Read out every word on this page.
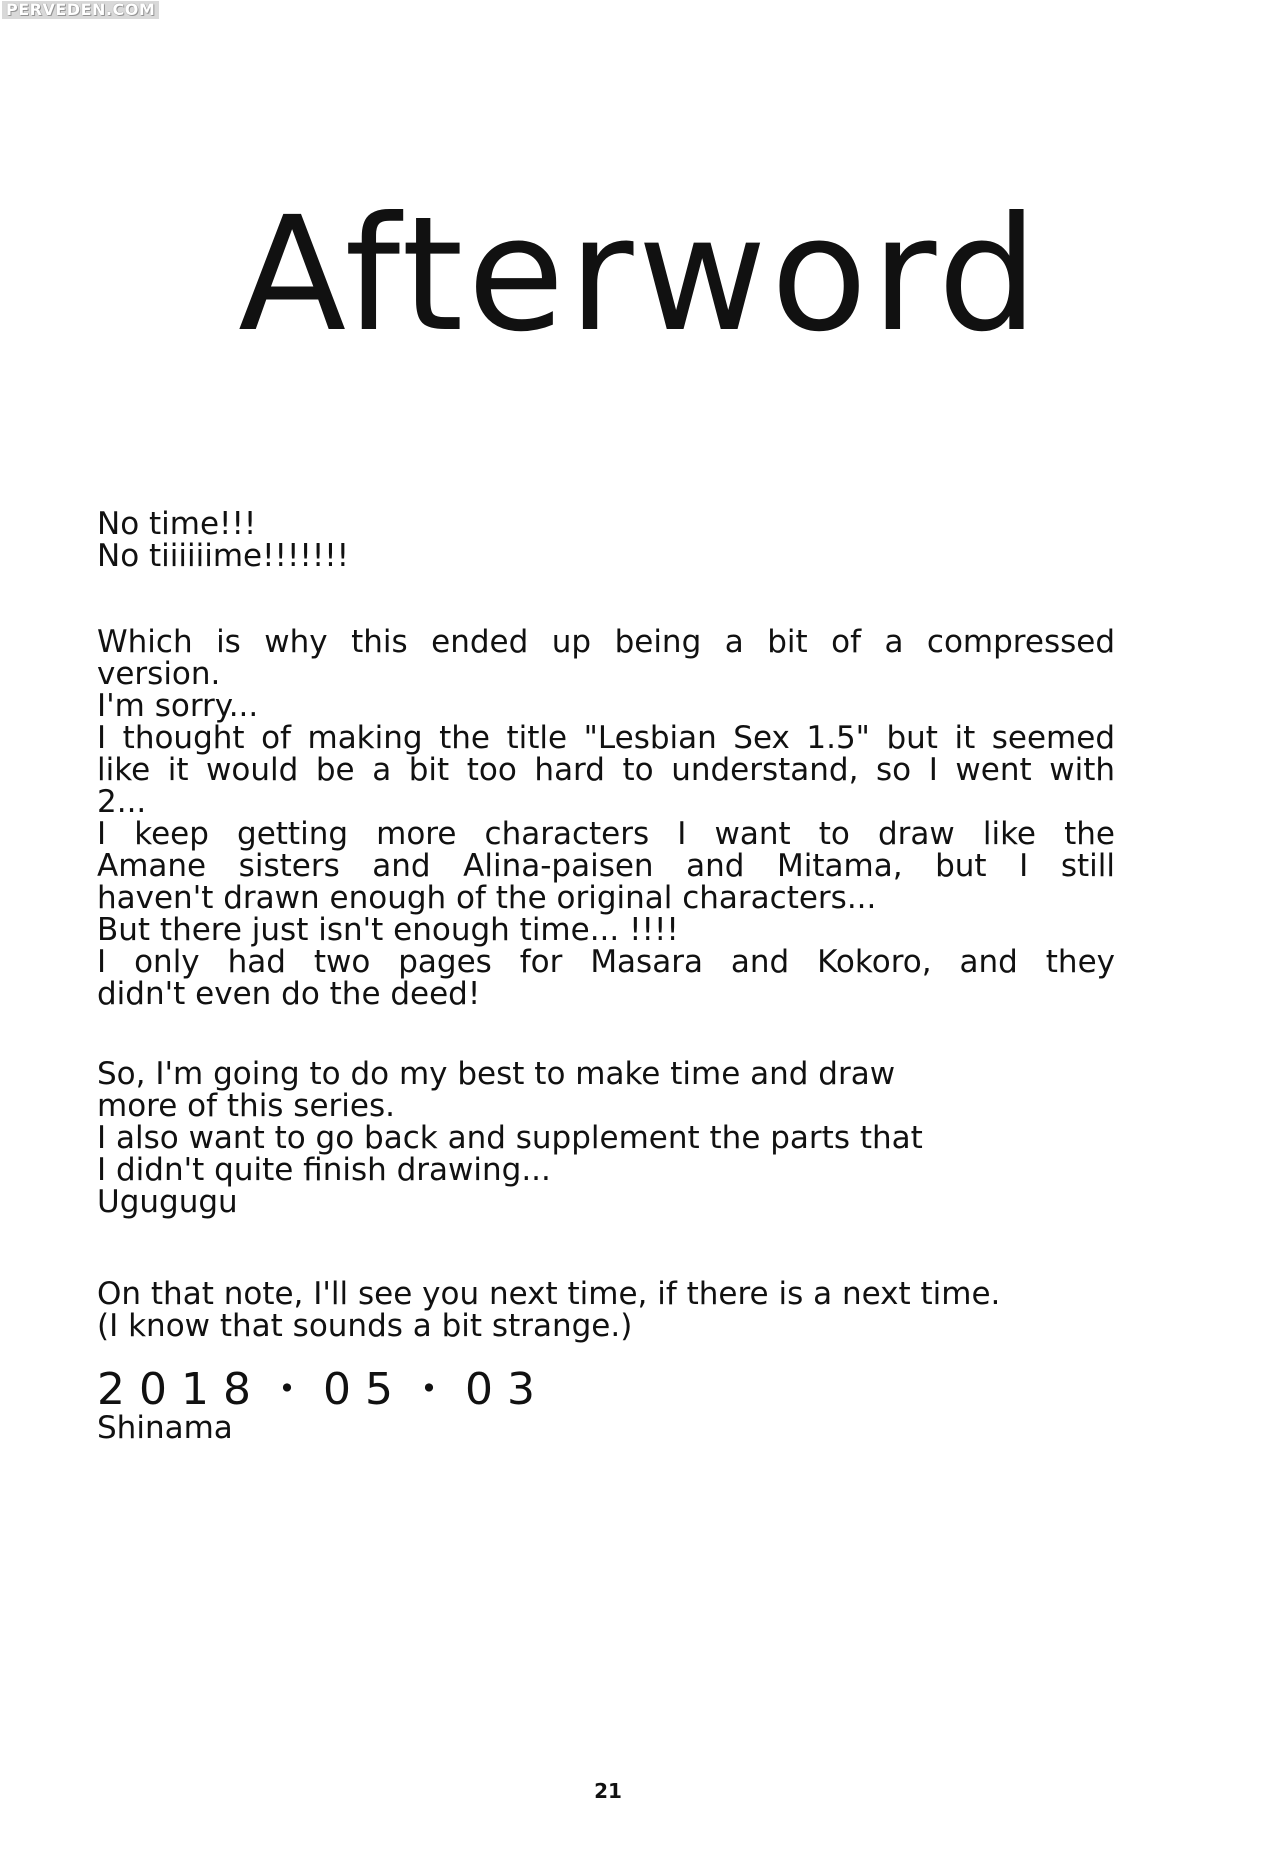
PERVEDEN.COM
Afterword
No time!!!
No tiiiiiime!!!!!!!
Which is why this ended up being a bit of a compressed
version.
I'm sorry...
I thought of making the title "Lesbian Sex 1.5" but it seemed
like it would be a bit too hard to understand, so I went with
2...
I keep getting more characters I want to draw like the
Amane sisters and Alina-paisen and Mitama, but I still
haven't drawn enough of the original characters...
But there just isn't enough time... !!!!
I only had two pages for Masara and Kokoro, and they
didn't even do the deed!
So, I'm going to do my best to make time and draw
more of this series.
I also want to go back and supplement the parts that
I didn't quite finish drawing...
Ugugugu
On that note, I'll see you next time, if there is a next time.
(I know that sounds a bit strange.)
2018・05・03
Shinama
21
